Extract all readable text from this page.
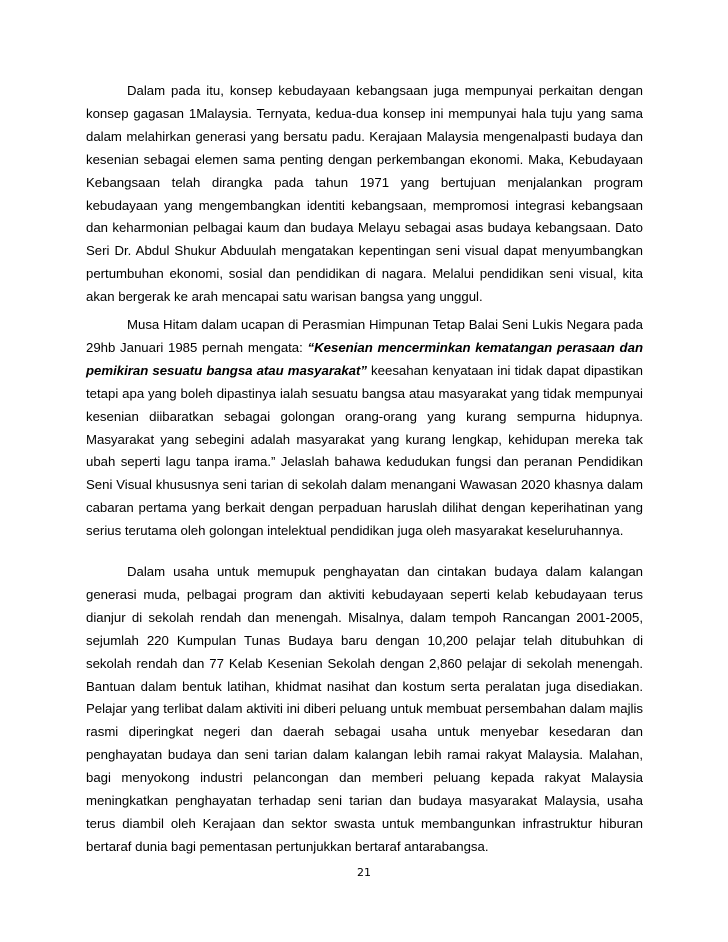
Dalam pada itu, konsep kebudayaan kebangsaan juga mempunyai perkaitan dengan konsep gagasan 1Malaysia. Ternyata, kedua-dua konsep ini mempunyai hala tuju yang sama dalam melahirkan generasi yang bersatu padu. Kerajaan Malaysia mengenalpasti budaya dan kesenian sebagai elemen sama penting dengan perkembangan ekonomi. Maka, Kebudayaan Kebangsaan telah dirangka pada tahun 1971 yang bertujuan menjalankan program kebudayaan yang mengembangkan identiti kebangsaan, mempromosi integrasi kebangsaan dan keharmonian pelbagai kaum dan budaya Melayu sebagai asas budaya kebangsaan. Dato Seri Dr. Abdul Shukur Abduulah mengatakan kepentingan seni visual dapat menyumbangkan pertumbuhan ekonomi, sosial dan pendidikan di nagara. Melalui pendidikan seni visual, kita akan bergerak ke arah mencapai satu warisan bangsa yang unggul.

Musa Hitam dalam ucapan di Perasmian Himpunan Tetap Balai Seni Lukis Negara pada 29hb Januari 1985 pernah mengata: “Kesenian mencerminkan kematangan perasaan dan pemikiran sesuatu bangsa atau masyarakat” keesahan kenyataan ini tidak dapat dipastikan tetapi apa yang boleh dipastinya ialah sesuatu bangsa atau masyarakat yang tidak mempunyai kesenian diibaratkan sebagai golongan orang-orang yang kurang sempurna hidupnya. Masyarakat yang sebegini adalah masyarakat yang kurang lengkap, kehidupan mereka tak ubah seperti lagu tanpa irama.” Jelaslah bahawa kedudukan fungsi dan peranan Pendidikan Seni Visual khususnya seni tarian di sekolah dalam menangani Wawasan 2020 khasnya dalam cabaran pertama yang berkait dengan perpaduan haruslah dilihat dengan keperihatinan yang serius terutama oleh golongan intelektual pendidikan juga oleh masyarakat keseluruhannya.

Dalam usaha untuk memupuk penghayatan dan cintakan budaya dalam kalangan generasi muda, pelbagai program dan aktiviti kebudayaan seperti kelab kebudayaan terus dianjur di sekolah rendah dan menengah. Misalnya, dalam tempoh Rancangan 2001-2005, sejumlah 220 Kumpulan Tunas Budaya baru dengan 10,200 pelajar telah ditubuhkan di sekolah rendah dan 77 Kelab Kesenian Sekolah dengan 2,860 pelajar di sekolah menengah. Bantuan dalam bentuk latihan, khidmat nasihat dan kostum serta peralatan juga disediakan. Pelajar yang terlibat dalam aktiviti ini diberi peluang untuk membuat persembahan dalam majlis rasmi diperingkat negeri dan daerah sebagai usaha untuk menyebar kesedaran dan penghayatan budaya dan seni tarian dalam kalangan lebih ramai rakyat Malaysia. Malahan, bagi menyokong industri pelancongan dan memberi peluang kepada rakyat Malaysia meningkatkan penghayatan terhadap seni tarian dan budaya masyarakat Malaysia, usaha terus diambil oleh Kerajaan dan sektor swasta untuk membangunkan infrastruktur hiburan bertaraf dunia bagi pementasan pertunjukkan bertaraf antarabangsa.

21
